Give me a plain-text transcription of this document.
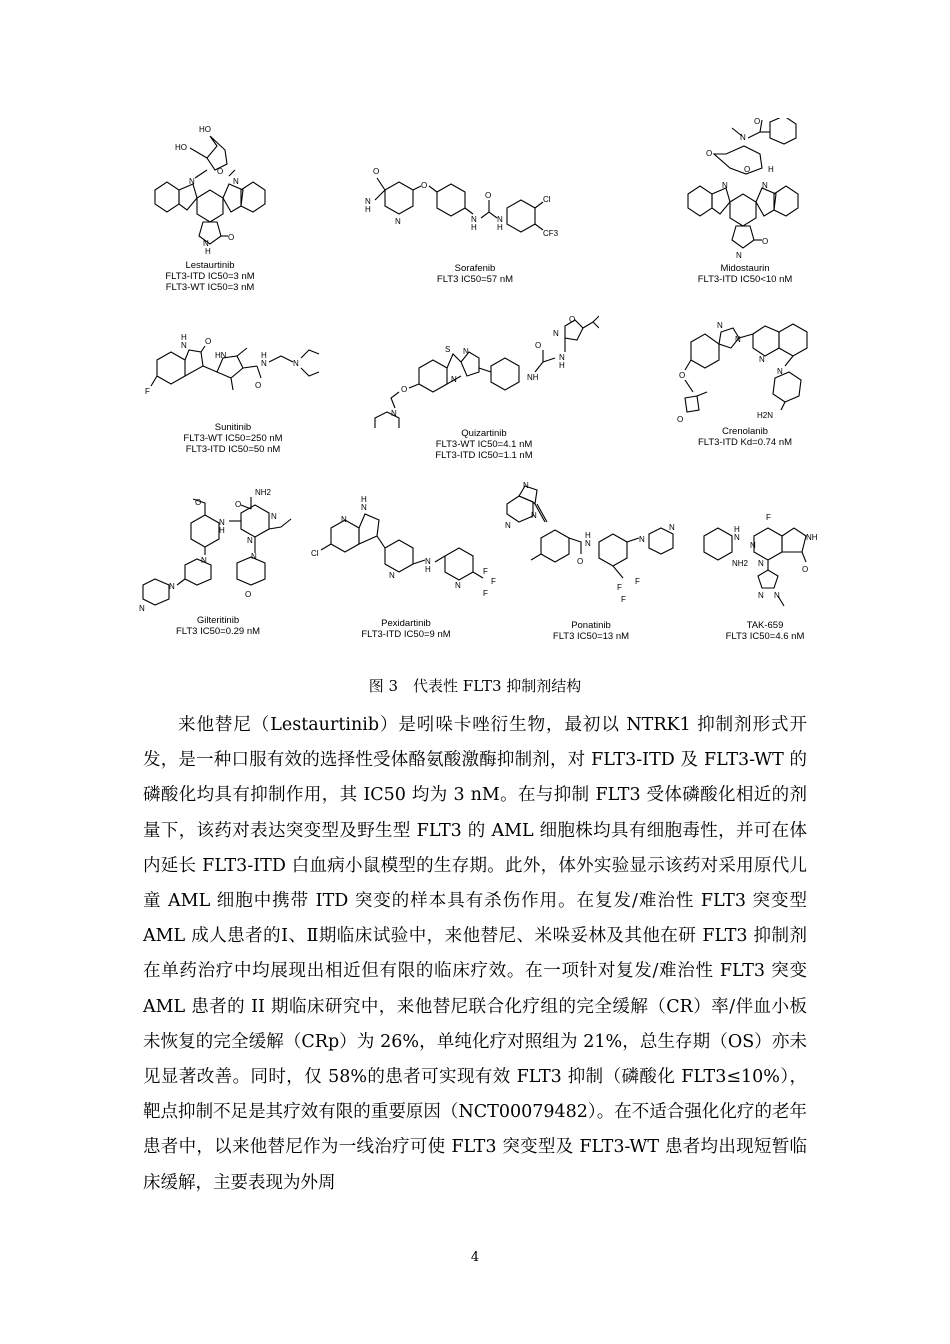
HO
HO
O
N	N
H
N
O
Lestaurtinib
FLT3-ITD IC50=3 nM
FLT3-WT IC50=3 nM
O
N
H
N
O
N
H
O
N
H
Cl
CF3
Sorafenib
FLT3 IC50=57 nM
N
O
O
O H
N	N
N
O
Midostaurin
FLT3-ITD IC50<10 nM
H
N O
HN
O
N
H
N
F
Sunitinib
FLT3-WT IC50=250 nM
FLT3-ITD IC50=50 nM
O
N
N
H
O
NH
N
S
N
O
N
Quizartinib
FLT3-WT IC50=4.1 nM
FLT3-ITD IC50=1.1 nM
N
N
N
N
H2N
O
O
Crenolanib
FLT3-ITD Kd=0.74 nM
NH2
O
N
N
N
H
O
N
N
N
N
O
Gilteritinib
FLT3 IC50=0.29 nM
H
N
N
Cl
N
N
H
N
F
F
F
Pexidartinib
FLT3-ITD IC50=9 nM
N
N
N
O
H
N	N
N
F
F
F
Ponatinib
FLT3 IC50=13 nM
F
H
N
NH2
N
N
NH
O
N N
TAK-659
FLT3 IC50=4.6 nM
图 3　代表性 FLT3 抑制剂结构

来他替尼（Lestaurtinib）是吲哚卡唑衍生物，最初以 NTRK1 抑制剂形式开发，是一种口服有效的选择性受体酪氨酸激酶抑制剂，对 FLT3-ITD 及 FLT3-WT 的磷酸化均具有抑制作用，其 IC50 均为 3 nM。在与抑制 FLT3 受体磷酸化相近的剂量下，该药对表达突变型及野生型 FLT3 的 AML 细胞株均具有细胞毒性，并可在体内延长 FLT3-ITD 白血病小鼠模型的生存期。此外，体外实验显示该药对采用原代儿童 AML 细胞中携带 ITD 突变的样本具有杀伤作用。在复发/难治性 FLT3 突变型 AML 成人患者的Ⅰ、Ⅱ期临床试验中，来他替尼、米哚妥林及其他在研 FLT3 抑制剂在单药治疗中均展现出相近但有限的临床疗效。在一项针对复发/难治性 FLT3 突变 AML 患者的 II 期临床研究中，来他替尼联合化疗组的完全缓解（CR）率/伴血小板未恢复的完全缓解（CRp）为 26%，单纯化疗对照组为 21%，总生存期（OS）亦未见显著改善。同时，仅 58%的患者可实现有效 FLT3 抑制（磷酸化 FLT3≤10%），靶点抑制不足是其疗效有限的重要原因（NCT00079482）。在不适合强化化疗的老年患者中，以来他替尼作为一线治疗可使 FLT3 突变型及 FLT3-WT 患者均出现短暂临床缓解，主要表现为外周

4
